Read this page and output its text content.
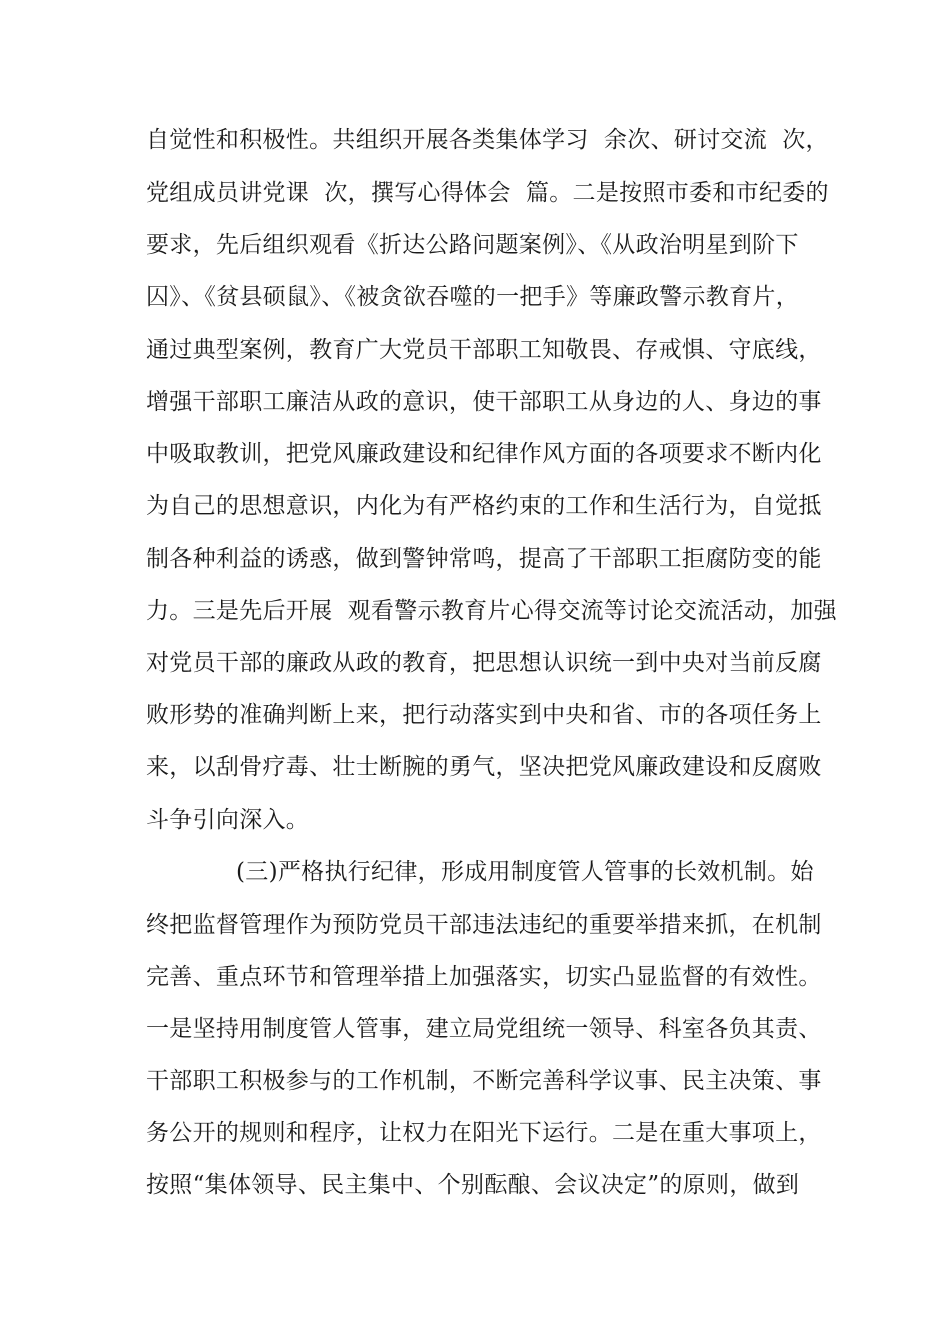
自觉性和积极性。共组织开展各类集体学习  余次、研讨交流  次，
党组成员讲党课  次，撰写心得体会  篇。二是按照市委和市纪委的
要求，先后组织观看《折达公路问题案例》、《从政治明星到阶下
囚》、《贫县硕鼠》、《被贪欲吞噬的一把手》等廉政警示教育片，
通过典型案例，教育广大党员干部职工知敬畏、存戒惧、守底线，
增强干部职工廉洁从政的意识，使干部职工从身边的人、身边的事
中吸取教训，把党风廉政建设和纪律作风方面的各项要求不断内化
为自己的思想意识，内化为有严格约束的工作和生活行为，自觉抵
制各种利益的诱惑，做到警钟常鸣，提高了干部职工拒腐防变的能
力。三是先后开展  观看警示教育片心得交流等讨论交流活动，加强
对党员干部的廉政从政的教育，把思想认识统一到中央对当前反腐
败形势的准确判断上来，把行动落实到中央和省、市的各项任务上
来，以刮骨疗毒、壮士断腕的勇气，坚决把党风廉政建设和反腐败
斗争引向深入。
(三)严格执行纪律，形成用制度管人管事的长效机制。始
终把监督管理作为预防党员干部违法违纪的重要举措来抓，在机制
完善、重点环节和管理举措上加强落实，切实凸显监督的有效性。
一是坚持用制度管人管事，建立局党组统一领导、科室各负其责、
干部职工积极参与的工作机制，不断完善科学议事、民主决策、事
务公开的规则和程序，让权力在阳光下运行。二是在重大事项上，
按照“集体领导、民主集中、个别酝酿、会议决定”的原则，做到
